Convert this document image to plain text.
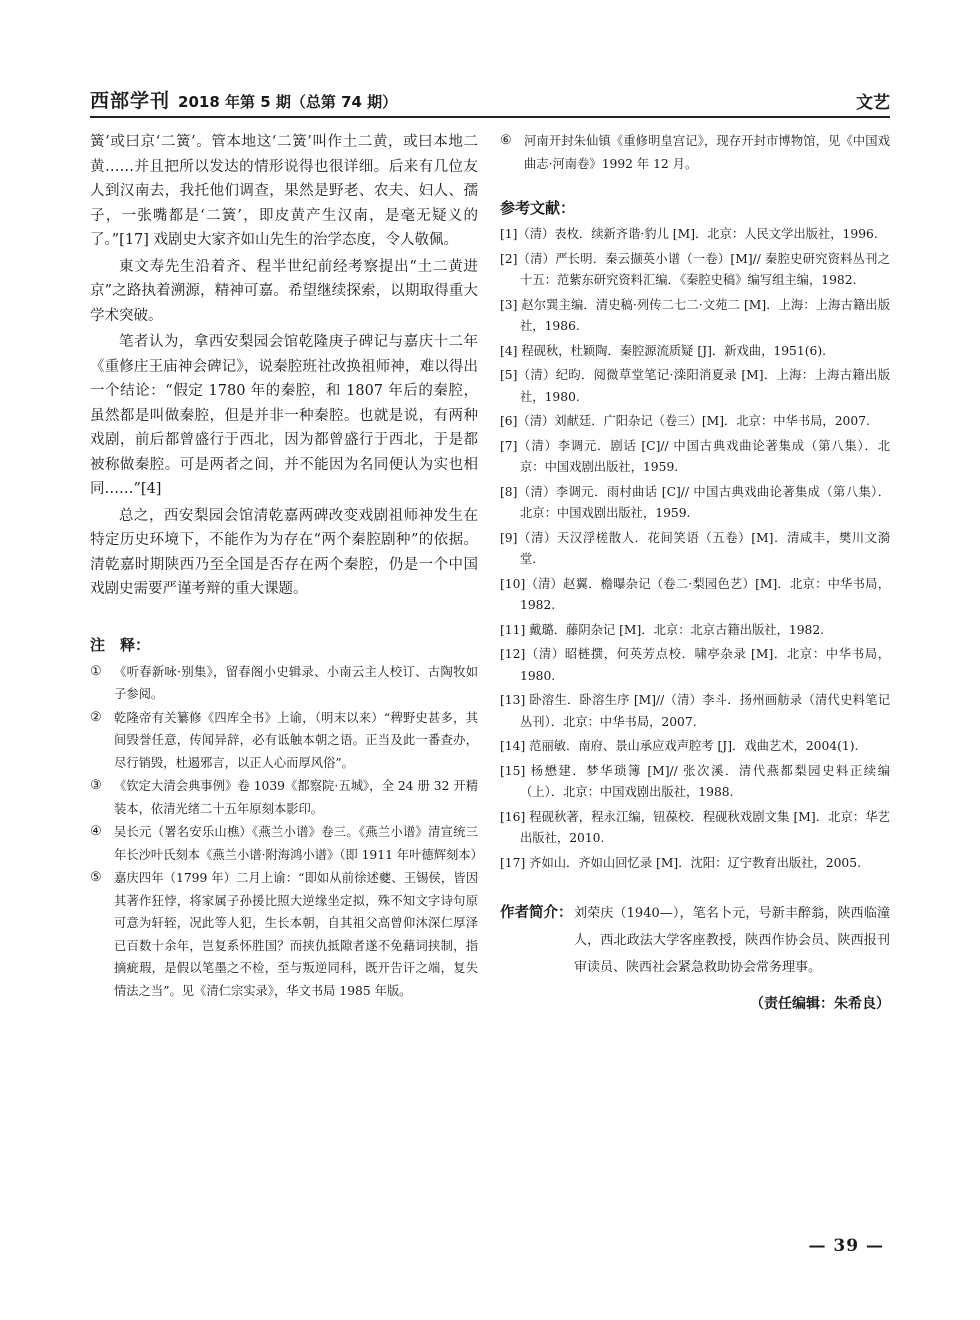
西部学刊 2018 年第 5 期（总第 74 期）	文艺

簧’或曰京‘二簧’。管本地这‘二簧’叫作土二黄，或曰本地二黄……并且把所以发达的情形说得也很详细。后来有几位友人到汉南去，我托他们调查，果然是野老、农夫、妇人、孺子，一张嘴都是‘二簧’，即皮黄产生汉南，是毫无疑义的了。”[17] 戏剧史大家齐如山先生的治学态度，令人敬佩。

東文寿先生沿着齐、程半世纪前经考察提出“土二黄进京”之路执着溯源，精神可嘉。希望继续探索，以期取得重大学术突破。

笔者认为，拿西安梨园会馆乾隆庚子碑记与嘉庆十二年《重修庄王庙神会碑记》，说秦腔班社改换祖师神，难以得出一个结论：“假定 1780 年的秦腔，和 1807 年后的秦腔，虽然都是叫做秦腔，但是并非一种秦腔。也就是说，有两种戏剧，前后都曾盛行于西北，因为都曾盛行于西北，于是都被称做秦腔。可是两者之间，并不能因为名同便认为实也相同……”[4]

总之，西安梨园会馆清乾嘉两碑改变戏剧祖师神发生在特定历史环境下，不能作为为存在“两个秦腔剧种”的依据。清乾嘉时期陕西乃至全国是否存在两个秦腔，仍是一个中国戏剧史需要严谨考辩的重大课题。

注　释：
①	《听春新咏·别集》，留春阁小史辑录、小南云主人校订、古陶牧如子参阅。
②	乾隆帝有关纂修《四库全书》上谕，（明末以来）“稗野史甚多，其间毁誉任意，传闻异辞，必有诋触本朝之语。正当及此一番查办，尽行销毁，杜遏邪言，以正人心而厚风俗”。
③	《钦定大清会典事例》卷 1039《都察院·五城》，全 24 册 32 开精装本，依清光绪二十五年原刻本影印。
④	吴长元（署名安乐山樵）《燕兰小谱》卷三。《燕兰小谱》清宣统三年长沙叶氏刻本《燕兰小谱·附海鸿小谱》（即 1911 年叶德辉刻本）
⑤	嘉庆四年（1799 年）二月上谕：“即如从前徐述夔、王锡侯，皆因其著作狂悖，将家属子孙援比照大逆缘坐定拟，殊不知文字诗句原可意为轩轾，况此等人犯，生长本朝，自其祖父高曾仰沐深仁厚泽已百数十余年，岂复系怀胜国？而挟仇抵隙者遂不免藉词挟制，指摘疵瑕，是假以笔墨之不检，至与叛逆同科，既开告讦之端，复失情法之当”。见《清仁宗实录》，华文书局 1985 年版。
⑥	河南开封朱仙镇《重修明皇宫记》，现存开封市博物馆，见《中国戏曲志·河南卷》1992 年 12 月。
参考文献：
[1]（清）表枚．续新齐谐·豹儿 [M]．北京：人民文学出版社，1996.
[2]（清）严长明．秦云撷英小谱（一卷）[M]// 秦腔史研究资料丛刊之十五：范紫东研究资料汇编．《秦腔史稿》编写组主编，1982.
[3] 赵尔巽主编．清史稿·列传二七二·文苑二 [M]．上海：上海古籍出版社，1986.
[4] 程砚秋，杜颖陶．秦腔源流质疑 [J]．新戏曲，1951(6).
[5]（清）纪昀．阅微草堂笔记·滦阳消夏录 [M]．上海：上海古籍出版社，1980.
[6]（清）刘献廷．广阳杂记（卷三）[M]．北京：中华书局，2007.
[7]（清）李调元．剧话 [C]// 中国古典戏曲论著集成（第八集）．北京：中国戏剧出版社，1959.
[8]（清）李调元．雨村曲话 [C]// 中国古典戏曲论著集成（第八集）．北京：中国戏剧出版社，1959.
[9]（清）天汉浮槎散人．花间笑语（五卷）[M]．清咸丰，樊川文漪堂．
[10]（清）赵翼．檐曝杂记（卷二·梨园色艺）[M]．北京：中华书局，1982.
[11] 戴璐．藤阴杂记 [M]．北京：北京古籍出版社，1982.
[12]（清）昭梿撰，何英芳点校．啸亭杂录 [M]．北京：中华书局，1980.
[13] 卧溶生．卧溶生序 [M]//（清）李斗．扬州画舫录（清代史料笔记丛刊）．北京：中华书局，2007.
[14] 范丽敏．南府、景山承应戏声腔考 [J]．戏曲艺术，2004(1).
[15] 杨懋建．梦华琐簿 [M]// 张次溪．清代燕都梨园史料正续编（上）．北京：中国戏剧出版社，1988.
[16] 程砚秋著，程永江编，钮葆校．程砚秋戏剧文集 [M]．北京：华艺出版社，2010.
[17] 齐如山．齐如山回忆录 [M]．沈阳：辽宁教育出版社，2005.
作者简介： 刘荣庆（1940—），笔名卜元，号新丰醉翁，陕西临潼人，西北政法大学客座教授，陕西作协会员、陕西报刊审读员、陕西社会紧急救助协会常务理事。
（责任编辑：朱希良）
— 39 —
